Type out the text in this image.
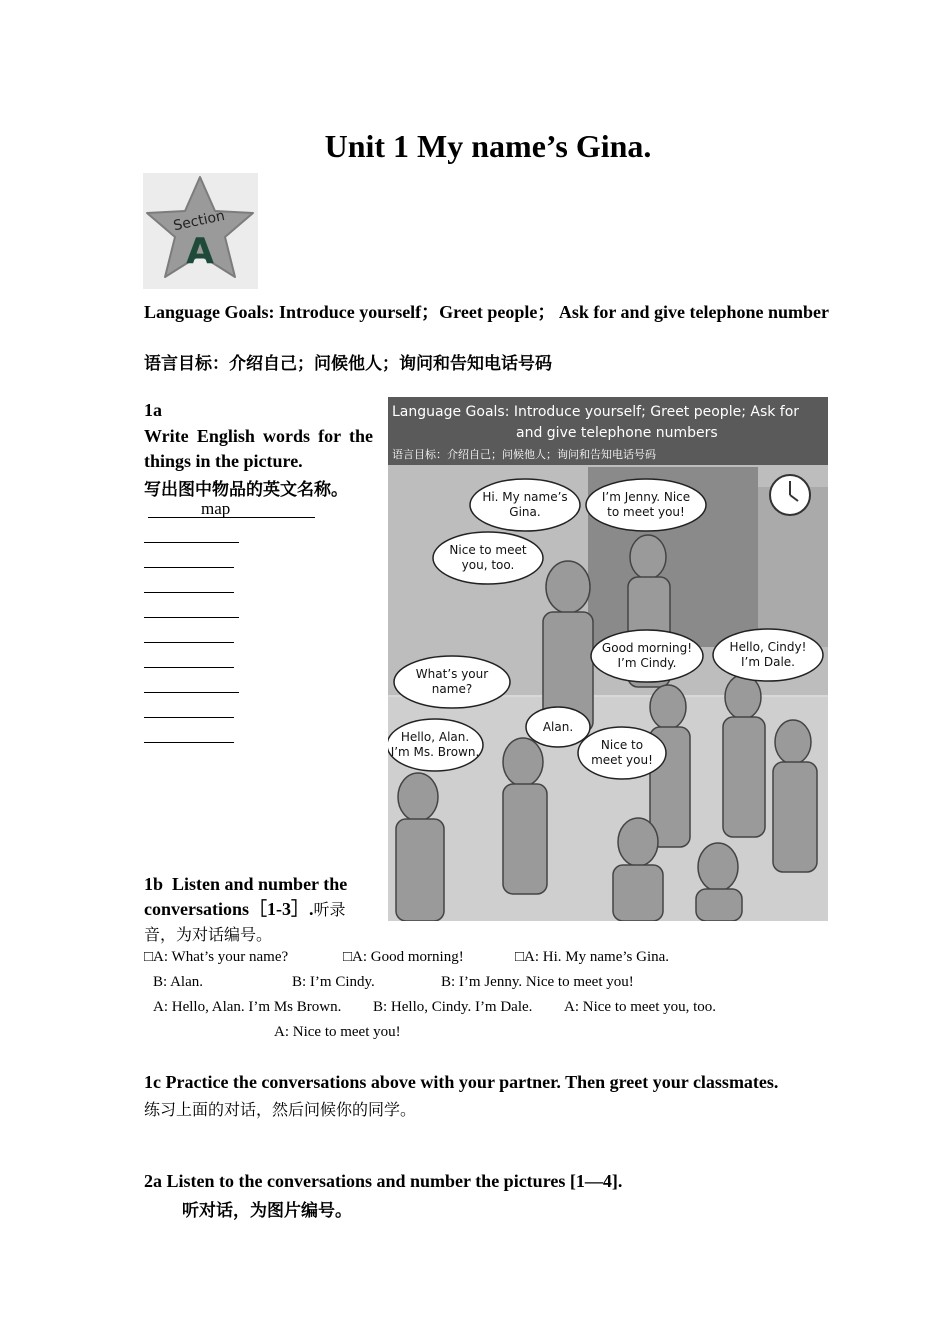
Unit 1 My name’s Gina.
Section
A
Language Goals: Introduce yourself；Greet people； Ask for and give telephone number
语言目标：介绍自己；问候他人；询问和告知电话号码
1a
Write English words for the things in the picture.
写出图中物品的英文名称。
map
Language Goals: Introduce yourself; Greet people; Ask for
and give telephone numbers
语言目标：介绍自己；问候他人；询问和告知电话号码
Hi. My name’s
Gina.
I’m Jenny. Nice
to meet you!
Nice to meet
you, too.
Good morning!
I’m Cindy.
Hello, Cindy!
I’m Dale.
What’s your
name?
Alan.
Hello, Alan.
I’m Ms. Brown.	Nice to
meet you!
1b Listen and number the conversations［1-3］.听录音，为对话编号。
□A: What’s your name?	□A: Good morning!	□A: Hi. My name’s Gina.
B: Alan.	B: I’m Cindy.	B: I’m Jenny. Nice to meet you!
A: Hello, Alan. I’m Ms Brown. B: Hello, Cindy. I’m Dale. A: Nice to meet you, too.
A: Nice to meet you!
1c Practice the conversations above with your partner. Then greet your classmates.
练习上面的对话，然后问候你的同学。
2a Listen to the conversations and number the pictures [1—4].
听对话，为图片编号。
